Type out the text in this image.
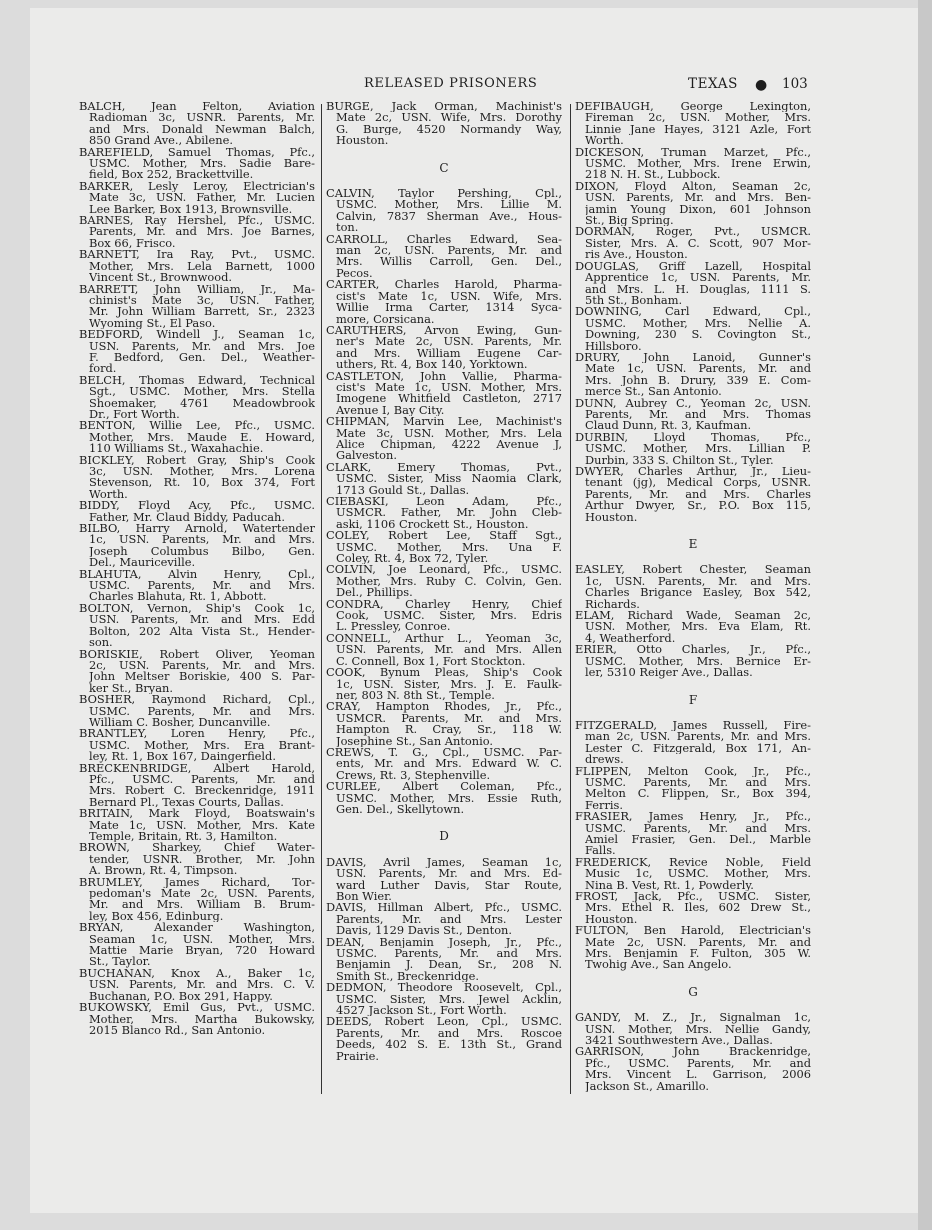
RELEASED PRISONERS	TEXAS ● 103
BALCH, Jean Felton, Aviation
Radioman 3c, USNR. Parents, Mr.
and Mrs. Donald Newman Balch,
850 Grand Ave., Abilene.
BAREFIELD, Samuel Thomas, Pfc.,
USMC. Mother, Mrs. Sadie Bare-
field, Box 252, Brackettville.
BARKER, Lesly Leroy, Electrician's
Mate 3c, USN. Father, Mr. Lucien
Lee Barker, Box 1913, Brownsville.
BARNES, Ray Hershel, Pfc., USMC.
Parents, Mr. and Mrs. Joe Barnes,
Box 66, Frisco.
BARNETT, Ira Ray, Pvt., USMC.
Mother, Mrs. Lela Barnett, 1000
Vincent St., Brownwood.
BARRETT, John William, Jr., Ma-
chinist's Mate 3c, USN. Father,
Mr. John William Barrett, Sr., 2323
Wyoming St., El Paso.
BEDFORD, Windell J., Seaman 1c,
USN. Parents, Mr. and Mrs. Joe
F. Bedford, Gen. Del., Weather-
ford.
BELCH, Thomas Edward, Technical
Sgt., USMC. Mother, Mrs. Stella
Shoemaker, 4761 Meadowbrook
Dr., Fort Worth.
BENTON, Willie Lee, Pfc., USMC.
Mother, Mrs. Maude E. Howard,
110 Williams St., Waxahachie.
BICKLEY, Robert Gray, Ship's Cook
3c, USN. Mother, Mrs. Lorena
Stevenson, Rt. 10, Box 374, Fort
Worth.
BIDDY, Floyd Acy, Pfc., USMC.
Father, Mr. Claud Biddy, Paducah.
BILBO, Harry Arnold, Watertender
1c, USN. Parents, Mr. and Mrs.
Joseph Columbus Bilbo, Gen.
Del., Mauriceville.
BLAHUTA, Alvin Henry, Cpl.,
USMC. Parents, Mr. and Mrs.
Charles Blahuta, Rt. 1, Abbott.
BOLTON, Vernon, Ship's Cook 1c,
USN. Parents, Mr. and Mrs. Edd
Bolton, 202 Alta Vista St., Hender-
son.
BORISKIE, Robert Oliver, Yeoman
2c, USN. Parents, Mr. and Mrs.
John Meltser Boriskie, 400 S. Par-
ker St., Bryan.
BOSHER, Raymond Richard, Cpl.,
USMC. Parents, Mr. and Mrs.
William C. Bosher, Duncanville.
BRANTLEY, Loren Henry, Pfc.,
USMC. Mother, Mrs. Era Brant-
ley, Rt. 1, Box 167, Daingerfield.
BRECKENBRIDGE, Albert Harold,
Pfc., USMC. Parents, Mr. and
Mrs. Robert C. Breckenridge, 1911
Bernard Pl., Texas Courts, Dallas.
BRITAIN, Mark Floyd, Boatswain's
Mate 1c, USN. Mother, Mrs. Kate
Temple, Britain, Rt. 3, Hamilton.
BROWN, Sharkey, Chief Water-
tender, USNR. Brother, Mr. John
A. Brown, Rt. 4, Timpson.
BRUMLEY, James Richard, Tor-
pedoman's Mate 2c, USN. Parents,
Mr. and Mrs. William B. Brum-
ley, Box 456, Edinburg.
BRYAN, Alexander Washington,
Seaman 1c, USN. Mother, Mrs.
Mattie Marie Bryan, 720 Howard
St., Taylor.
BUCHANAN, Knox A., Baker 1c,
USN. Parents, Mr. and Mrs. C. V.
Buchanan, P.O. Box 291, Happy.
BUKOWSKY, Emil Gus, Pvt., USMC.
Mother, Mrs. Martha Bukowsky,
2015 Blanco Rd., San Antonio.
BURGE, Jack Orman, Machinist's
Mate 2c, USN. Wife, Mrs. Dorothy
G. Burge, 4520 Normandy Way,
Houston.
C
CALVIN, Taylor Pershing, Cpl.,
USMC. Mother, Mrs. Lillie M.
Calvin, 7837 Sherman Ave., Hous-
ton.
CARROLL, Charles Edward, Sea-
man 2c, USN. Parents, Mr. and
Mrs. Willis Carroll, Gen. Del.,
Pecos.
CARTER, Charles Harold, Pharma-
cist's Mate 1c, USN. Wife, Mrs.
Willie Irma Carter, 1314 Syca-
more, Corsicana.
CARUTHERS, Arvon Ewing, Gun-
ner's Mate 2c, USN. Parents, Mr.
and Mrs. William Eugene Car-
uthers, Rt. 4, Box 140, Yorktown.
CASTLETON, John Vallie, Pharma-
cist's Mate 1c, USN. Mother, Mrs.
Imogene Whitfield Castleton, 2717
Avenue I, Bay City.
CHIPMAN, Marvin Lee, Machinist's
Mate 3c, USN. Mother, Mrs. Lela
Alice Chipman, 4222 Avenue J,
Galveston.
CLARK, Emery Thomas, Pvt.,
USMC. Sister, Miss Naomia Clark,
1713 Gould St., Dallas.
CIEBASKI, Leon Adam, Pfc.,
USMCR. Father, Mr. John Cleb-
aski, 1106 Crockett St., Houston.
COLEY, Robert Lee, Staff Sgt.,
USMC. Mother, Mrs. Una F.
Coley, Rt. 4, Box 72, Tyler.
COLVIN, Joe Leonard, Pfc., USMC.
Mother, Mrs. Ruby C. Colvin, Gen.
Del., Phillips.
CONDRA, Charley Henry, Chief
Cook, USMC. Sister, Mrs. Edris
L. Pressley, Conroe.
CONNELL, Arthur L., Yeoman 3c,
USN. Parents, Mr. and Mrs. Allen
C. Connell, Box 1, Fort Stockton.
COOK, Bynum Pleas, Ship's Cook
1c, USN. Sister, Mrs. J. E. Faulk-
ner, 803 N. 8th St., Temple.
CRAY, Hampton Rhodes, Jr., Pfc.,
USMCR. Parents, Mr. and Mrs.
Hampton R. Cray, Sr., 118 W.
Josephine St., San Antonio.
CREWS, T. G., Cpl., USMC. Par-
ents, Mr. and Mrs. Edward W. C.
Crews, Rt. 3, Stephenville.
CURLEE, Albert Coleman, Pfc.,
USMC. Mother, Mrs. Essie Ruth,
Gen. Del., Skellytown.
D
DAVIS, Avril James, Seaman 1c,
USN. Parents, Mr. and Mrs. Ed-
ward Luther Davis, Star Route,
Bon Wier.
DAVIS, Hillman Albert, Pfc., USMC.
Parents, Mr. and Mrs. Lester
Davis, 1129 Davis St., Denton.
DEAN, Benjamin Joseph, Jr., Pfc.,
USMC. Parents, Mr. and Mrs.
Benjamin J. Dean, Sr., 208 N.
Smith St., Breckenridge.
DEDMON, Theodore Roosevelt, Cpl.,
USMC. Sister, Mrs. Jewel Acklin,
4527 Jackson St., Fort Worth.
DEEDS, Robert Leon, Cpl., USMC.
Parents, Mr. and Mrs. Roscoe
Deeds, 402 S. E. 13th St., Grand
Prairie.
DEFIBAUGH, George Lexington,
Fireman 2c, USN. Mother, Mrs.
Linnie Jane Hayes, 3121 Azle, Fort
Worth.
DICKESON, Truman Marzet, Pfc.,
USMC. Mother, Mrs. Irene Erwin,
218 N. H. St., Lubbock.
DIXON, Floyd Alton, Seaman 2c,
USN. Parents, Mr. and Mrs. Ben-
jamin Young Dixon, 601 Johnson
St., Big Spring.
DORMAN, Roger, Pvt., USMCR.
Sister, Mrs. A. C. Scott, 907 Mor-
ris Ave., Houston.
DOUGLAS, Griff Lazell, Hospital
Apprentice 1c, USN. Parents, Mr.
and Mrs. L. H. Douglas, 1111 S.
5th St., Bonham.
DOWNING, Carl Edward, Cpl.,
USMC. Mother, Mrs. Nellie A.
Downing, 230 S. Covington St.,
Hillsboro.
DRURY, John Lanoid, Gunner's
Mate 1c, USN. Parents, Mr. and
Mrs. John B. Drury, 339 E. Com-
merce St., San Antonio.
DUNN, Aubrey C., Yeoman 2c, USN.
Parents, Mr. and Mrs. Thomas
Claud Dunn, Rt. 3, Kaufman.
DURBIN, Lloyd Thomas, Pfc.,
USMC. Mother, Mrs. Lillian P.
Durbin, 333 S. Chilton St., Tyler.
DWYER, Charles Arthur, Jr., Lieu-
tenant (jg), Medical Corps, USNR.
Parents, Mr. and Mrs. Charles
Arthur Dwyer, Sr., P.O. Box 115,
Houston.
E
EASLEY, Robert Chester, Seaman
1c, USN. Parents, Mr. and Mrs.
Charles Brigance Easley, Box 542,
Richards.
ELAM, Richard Wade, Seaman 2c,
USN. Mother, Mrs. Eva Elam, Rt.
4, Weatherford.
ERIER, Otto Charles, Jr., Pfc.,
USMC. Mother, Mrs. Bernice Er-
ler, 5310 Reiger Ave., Dallas.
F
FITZGERALD, James Russell, Fire-
man 2c, USN. Parents, Mr. and Mrs.
Lester C. Fitzgerald, Box 171, An-
drews.
FLIPPEN, Melton Cook, Jr., Pfc.,
USMC. Parents, Mr. and Mrs.
Melton C. Flippen, Sr., Box 394,
Ferris.
FRASIER, James Henry, Jr., Pfc.,
USMC. Parents, Mr. and Mrs.
Amiel Frasier, Gen. Del., Marble
Falls.
FREDERICK, Revice Noble, Field
Music 1c, USMC. Mother, Mrs.
Nina B. Vest, Rt. 1, Powderly.
FROST, Jack, Pfc., USMC. Sister,
Mrs. Ethel R. Iles, 602 Drew St.,
Houston.
FULTON, Ben Harold, Electrician's
Mate 2c, USN. Parents, Mr. and
Mrs. Benjamin F. Fulton, 305 W.
Twohig Ave., San Angelo.
G
GANDY, M. Z., Jr., Signalman 1c,
USN. Mother, Mrs. Nellie Gandy,
3421 Southwestern Ave., Dallas.
GARRISON, John Brackenridge,
Pfc., USMC. Parents, Mr. and
Mrs. Vincent L. Garrison, 2006
Jackson St., Amarillo.
